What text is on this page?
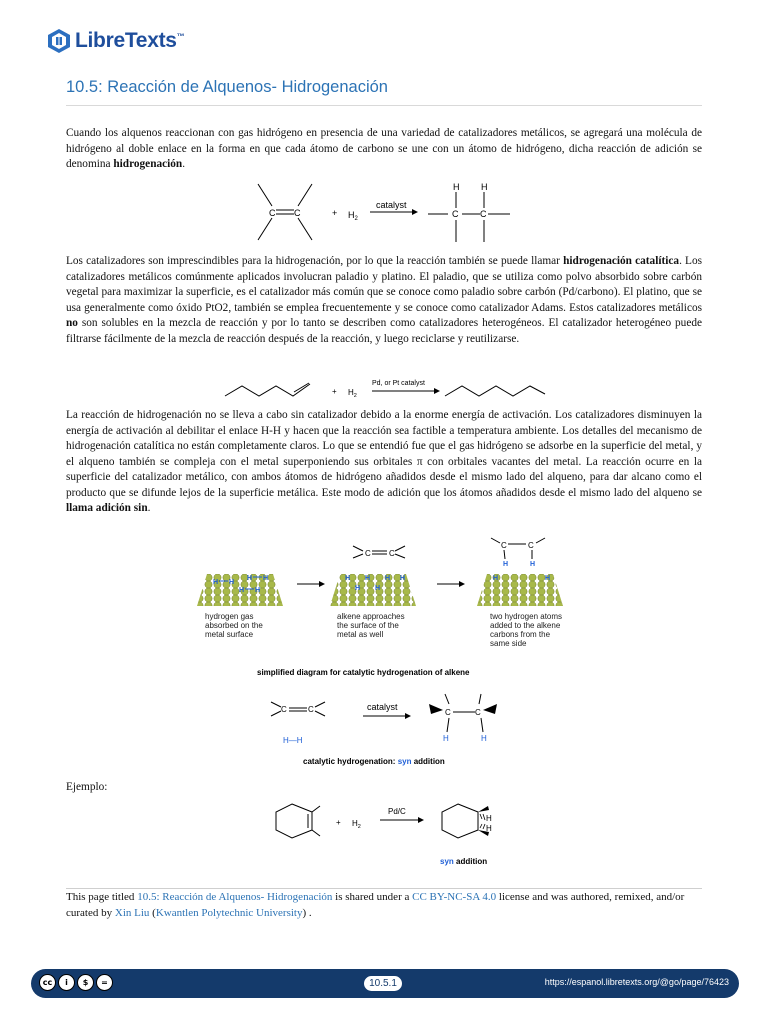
LibreTexts™
10.5: Reacción de Alquenos- Hidrogenación

Cuando los alquenos reaccionan con gas hidrógeno en presencia de una variedad de catalizadores metálicos, se agregará una molécula de hidrógeno al doble enlace en la forma en que cada átomo de carbono se une con un átomo de hidrógeno, dicha reacción de adición se denomina hidrogenación.

C C	+ $H_2$
catalyst
C C
H H

Los catalizadores son imprescindibles para la hidrogenación, por lo que la reacción también se puede llamar hidrogenación catalítica. Los catalizadores metálicos comúnmente aplicados involucran paladio y platino. El paladio, que se utiliza como polvo absorbido sobre carbón vegetal para maximizar la superficie, es el catalizador más común que se conoce como paladio sobre carbón (Pd/carbono). El platino, que se usa generalmente como óxido PtO2, también se emplea frecuentemente y se conoce como catalizador Adams. Estos catalizadores metálicos no son solubles en la mezcla de reacción y por lo tanto se describen como catalizadores heterogéneos. El catalizador heterogéneo puede filtrarse fácilmente de la mezcla de reacción después de la reacción, y luego reciclarse y reutilizarse.

+ $H_2$
Pd, or Pt catalyst

La reacción de hidrogenación no se lleva a cabo sin catalizador debido a la enorme energía de activación. Los catalizadores disminuyen la energía de activación al debilitar el enlace H-H y hacen que la reacción sea factible a temperatura ambiente. Los detalles del mecanismo de hidrogenación catalítica no están completamente claros. Lo que se entendió fue que el gas hidrógeno se adsorbe en la superficie del metal, y el alqueno también se compleja con el metal superponiendo sus orbitales π con orbitales vacantes del metal. La reacción ocurre en la superficie del catalizador metálico, con ambos átomos de hidrógeno añadidos desde el mismo lado del alqueno, para dar alcano como el producto que se difunde lejos de la superficie metálica. Este modo de adición que los átomos añadidos desde el mismo lado del alqueno se llama adición sin.

H H
H H
H H
H H H H
H H
C C
H	H
H	H
C	C
hydrogen gas
absorbed on the
metal surface
alkene approaches
the surface of the
metal as well
two hydrogen atoms
added to the alkene
carbons from the
same side
simplified diagram for catalytic hydrogenation of alkene
C	C	C	C
catalyst
H—H	H	H
catalytic hydrogenation: syn addition

Ejemplo:

+ $H_2$
Pd/C
H
H
syn addition

This page titled 10.5: Reacción de Alquenos- Hidrogenación is shared under a CC BY-NC-SA 4.0 license and was authored, remixed, and/or curated by Xin Liu (Kwantlen Polytechnic University) .

cc	i	$	=	10.5.1	https://espanol.libretexts.org/@go/page/76423
